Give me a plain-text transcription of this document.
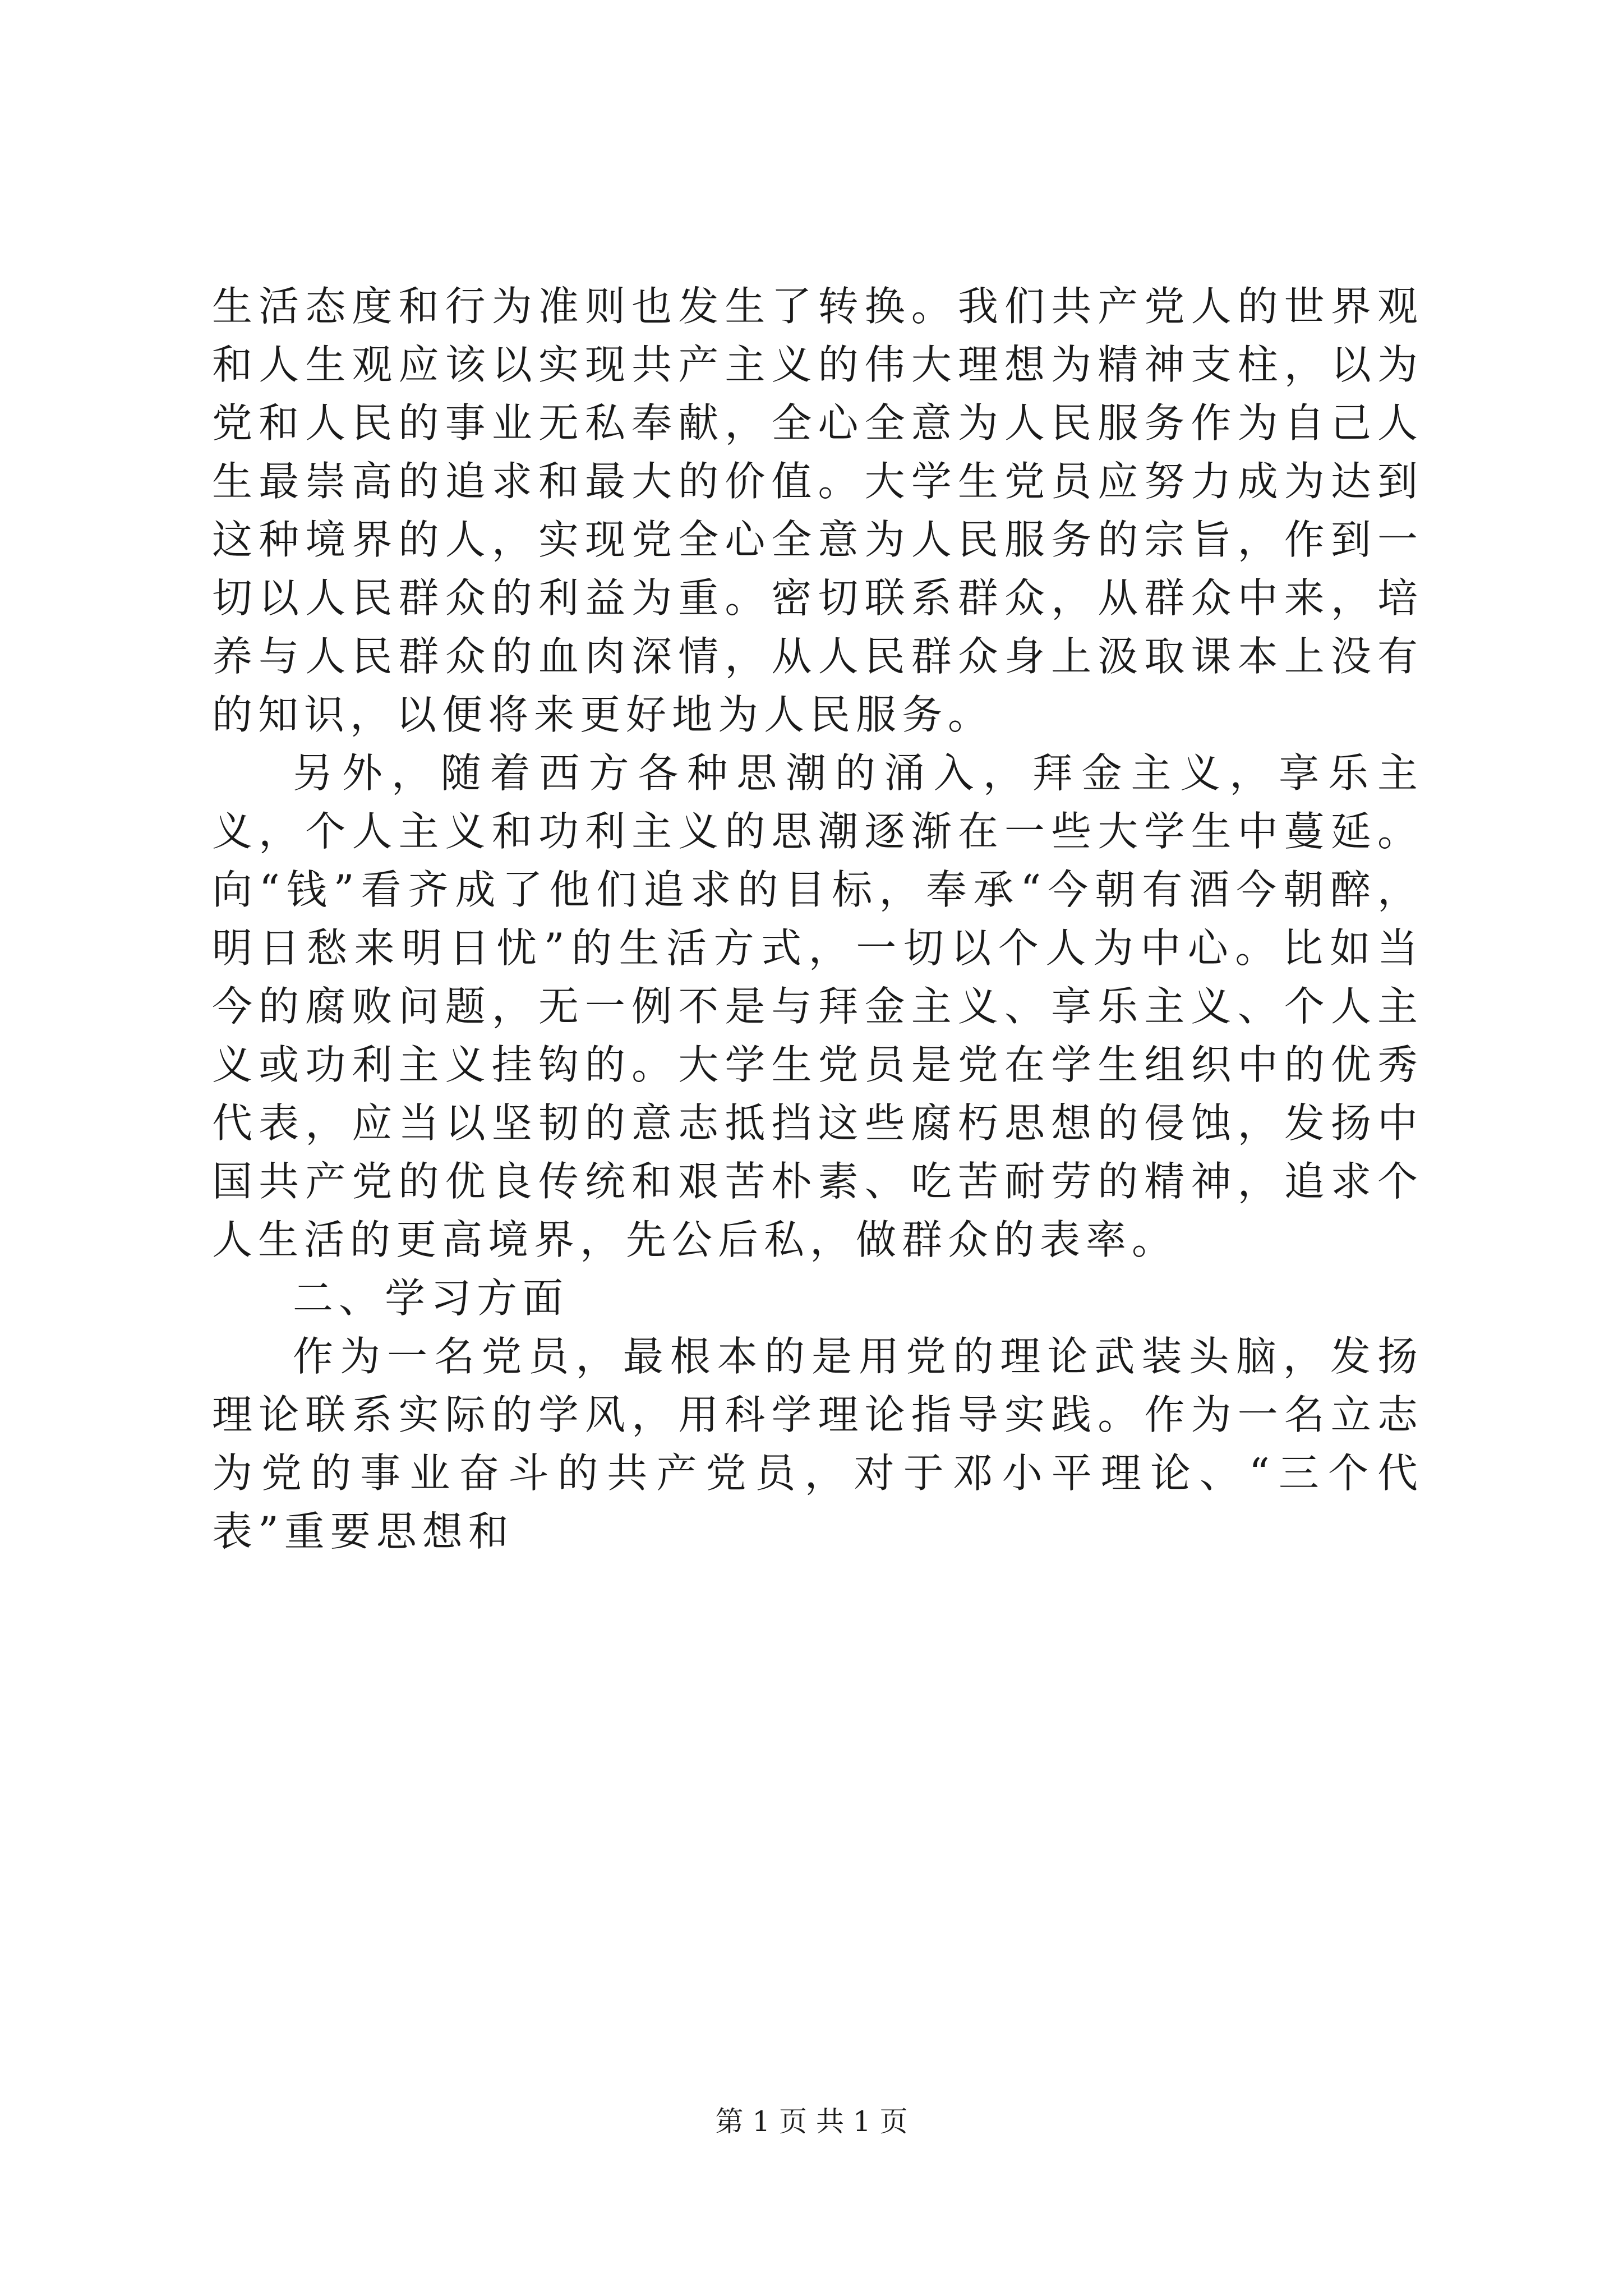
生活态度和行为准则也发生了转换。我们共产党人的世界观和人生观应该以实现共产主义的伟大理想为精神支柱，以为党和人民的事业无私奉献，全心全意为人民服务作为自己人生最崇高的追求和最大的价值。大学生党员应努力成为达到这种境界的人，实现党全心全意为人民服务的宗旨，作到一切以人民群众的利益为重。密切联系群众，从群众中来，培养与人民群众的血肉深情，从人民群众身上汲取课本上没有的知识，以便将来更好地为人民服务。

另外，随着西方各种思潮的涌入，拜金主义，享乐主义，个人主义和功利主义的思潮逐渐在一些大学生中蔓延。向“钱”看齐成了他们追求的目标，奉承“今朝有酒今朝醉，明日愁来明日忧”的生活方式，一切以个人为中心。比如当今的腐败问题，无一例不是与拜金主义、享乐主义、个人主义或功利主义挂钩的。大学生党员是党在学生组织中的优秀代表，应当以坚韧的意志抵挡这些腐朽思想的侵蚀，发扬中国共产党的优良传统和艰苦朴素、吃苦耐劳的精神，追求个人生活的更高境界，先公后私，做群众的表率。

二、学习方面

作为一名党员，最根本的是用党的理论武装头脑，发扬理论联系实际的学风，用科学理论指导实践。作为一名立志为党的事业奋斗的共产党员，对于邓小平理论、“三个代表”重要思想和

第 1 页 共 1 页
